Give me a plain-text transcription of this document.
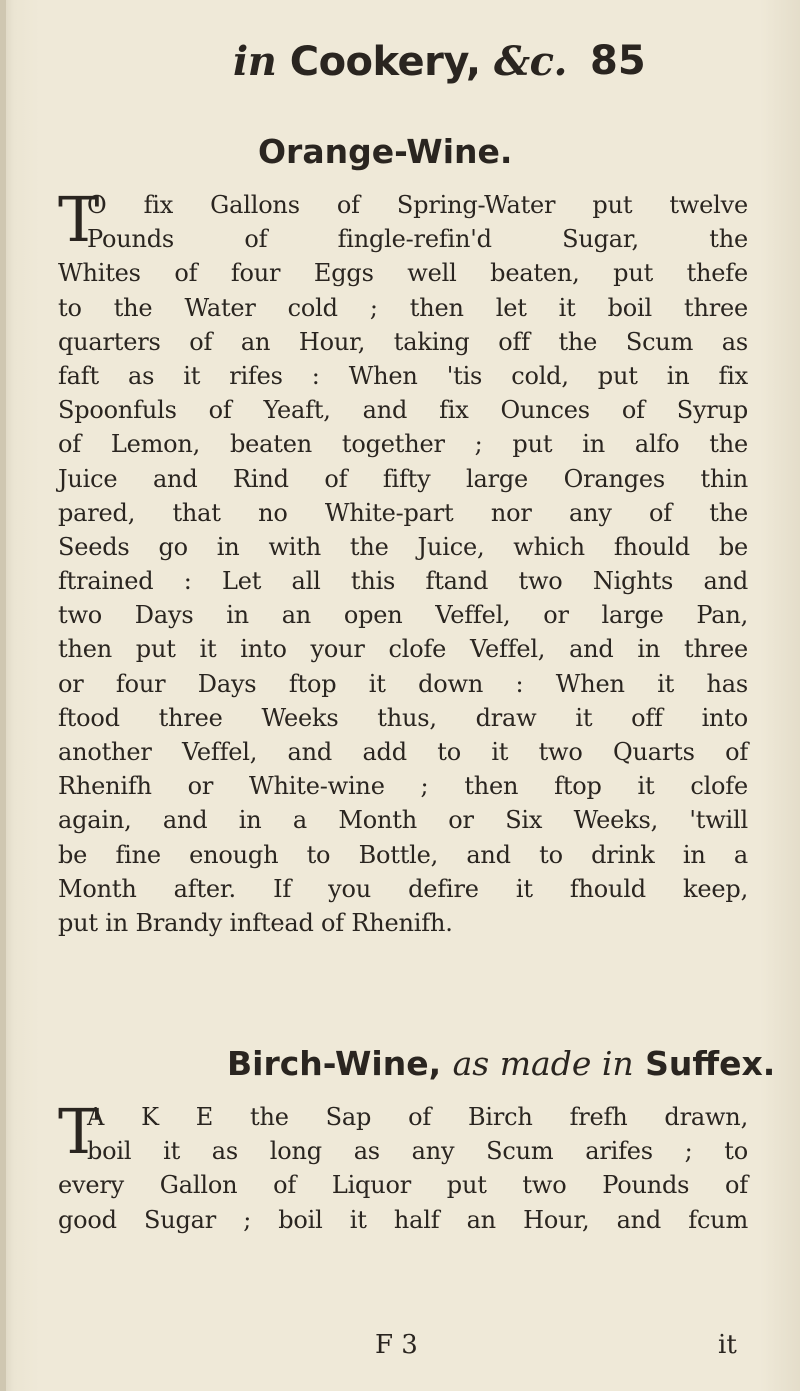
in Cookery, &c. 85
Orange-Wine.
T
O fix Gallons of Spring-Water put twelve
Pounds of fingle-refin'd Sugar, the
Whites of four Eggs well beaten, put thefe
to the Water cold ; then let it boil three
quarters of an Hour, taking off the Scum as
faft as it rifes : When 'tis cold, put in fix
Spoonfuls of Yeaft, and fix Ounces of Syrup
of Lemon, beaten together ; put in alfo the
Juice and Rind of fifty large Oranges thin
pared, that no White-part nor any of the
Seeds go in with the Juice, which fhould be
ftrained : Let all this ftand two Nights and
two Days in an open Veffel, or large Pan,
then put it into your clofe Veffel, and in three
or four Days ftop it down : When it has
ftood three Weeks thus, draw it off into
another Veffel, and add to it two Quarts of
Rhenifh or White-wine ; then ftop it clofe
again, and in a Month or Six Weeks, 'twill
be fine enough to Bottle, and to drink in a
Month after. If you defire it fhould keep,
put in Brandy inftead of Rhenifh.
Birch-Wine, as made in Suffex.
T
A K E the Sap of Birch frefh drawn,
boil it as long as any Scum arifes ; to
every Gallon of Liquor put two Pounds of
good Sugar ; boil it half an Hour, and fcum
F 3	it
